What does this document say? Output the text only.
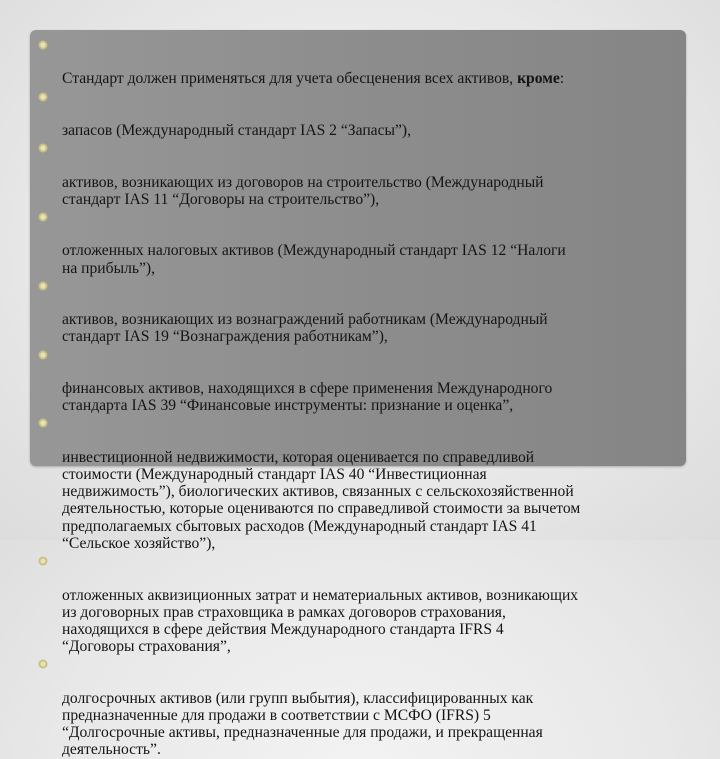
Стандарт должен применяться для учета обесценения всех активов, кроме:

запасов (Международный стандарт IAS 2 “Запасы”),

активов, возникающих из договоров на строительство (Международный
стандарт IAS 11 “Договоры на строительство”),

отложенных налоговых активов (Международный стандарт IAS 12 “Налоги
на прибыль”),

активов, возникающих из вознаграждений работникам (Международный
стандарт IAS 19 “Вознаграждения работникам”),

финансовых активов, находящихся в сфере применения Международного
стандарта IAS 39 “Финансовые инструменты: признание и оценка”,

инвестиционной недвижимости, которая оценивается по справедливой
стоимости (Международный стандарт IAS 40 “Инвестиционная
недвижимость”), биологических активов, связанных с сельскохозяйственной
деятельностью, которые оцениваются по справедливой стоимости за вычетом
предполагаемых сбытовых расходов (Международный стандарт IAS 41
“Сельское хозяйство”),

отложенных аквизиционных затрат и нематериальных активов, возникающих
из договорных прав страховщика в рамках договоров страхования,
находящихся в сфере действия Международного стандарта IFRS 4
“Договоры страхования”,

долгосрочных активов (или групп выбытия), классифицированных как
предназначенные для продажи в соответствии с МСФО (IFRS) 5
“Долгосрочные активы, предназначенные для продажи, и прекращенная
деятельность”.
